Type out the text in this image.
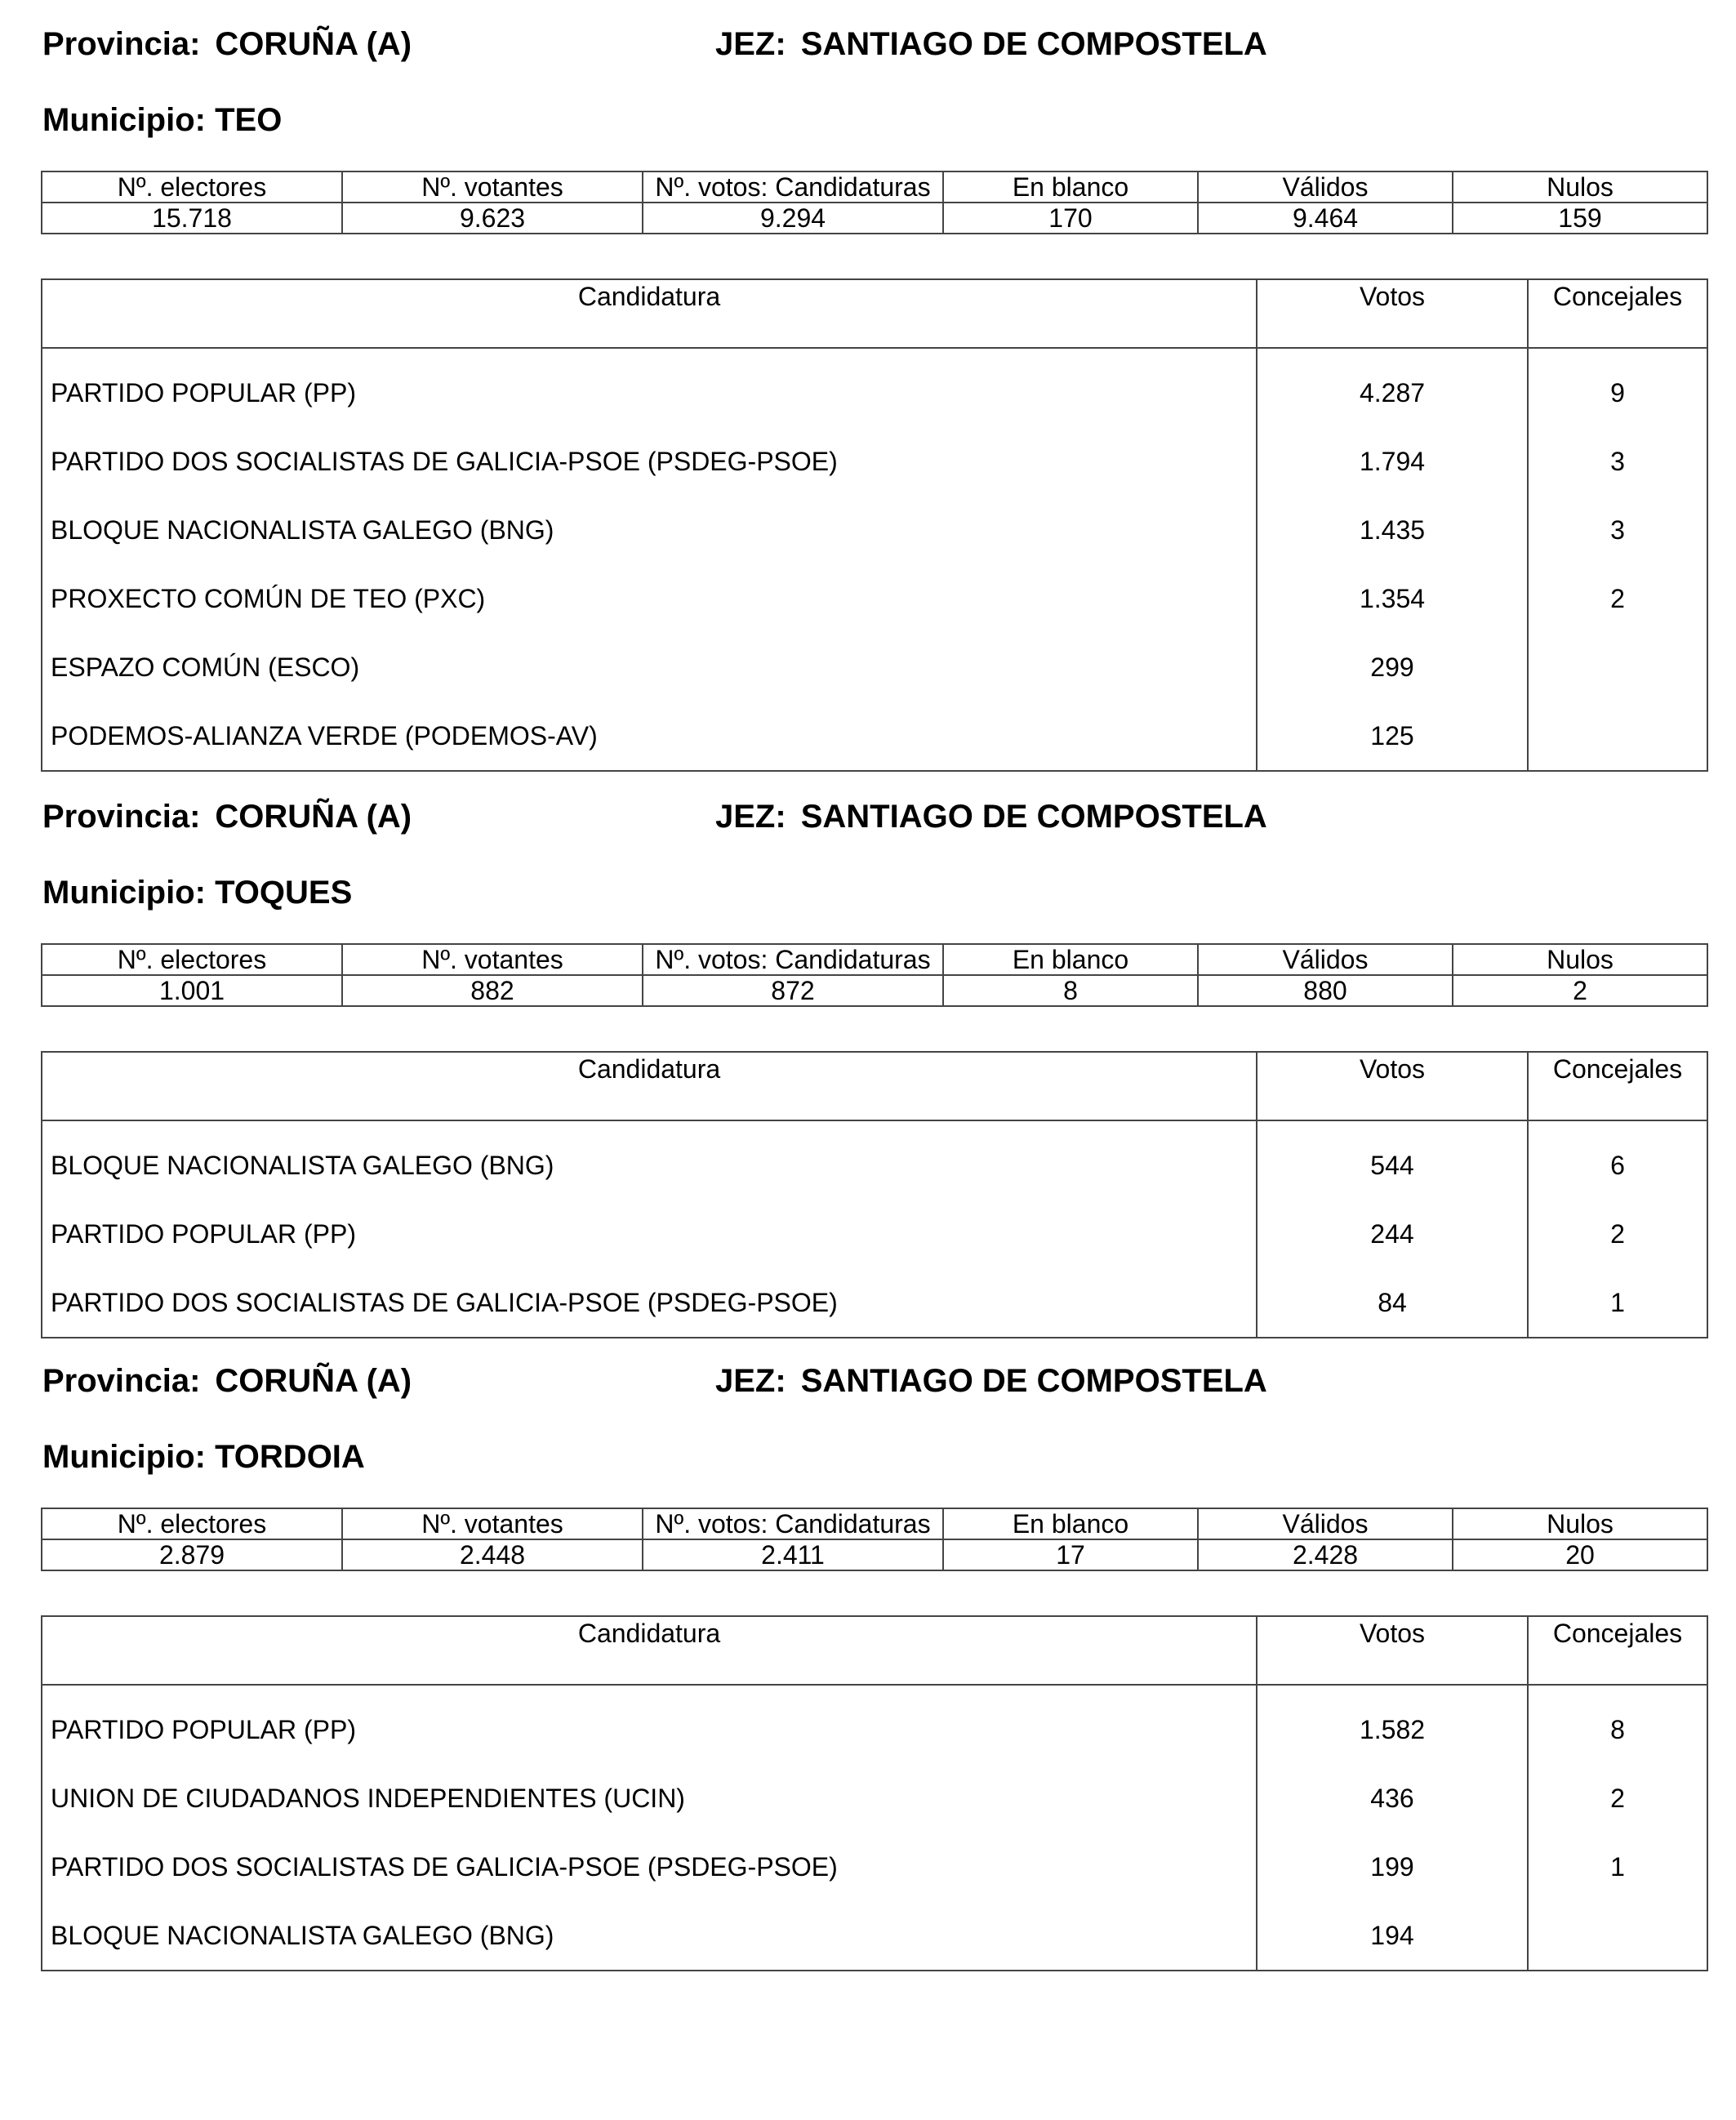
Provincia: CORUÑA (A)	JEZ: SANTIAGO DE COMPOSTELA
Municipio: TEO
Nº. electores	Nº. votantes	Nº. votos: Candidaturas	En blanco	Válidos	Nulos
15.718	9.623	9.294	170	9.464	159
Candidatura	Votos	Concejales

PARTIDO POPULAR (PP)	4.287	9
PARTIDO DOS SOCIALISTAS DE GALICIA-PSOE (PSDEG-PSOE)	1.794	3
BLOQUE NACIONALISTA GALEGO (BNG)	1.435	3
PROXECTO COMÚN DE TEO (PXC)	1.354	2
ESPAZO COMÚN (ESCO)	299	
PODEMOS-ALIANZA VERDE (PODEMOS-AV)	125	
Provincia: CORUÑA (A)	JEZ: SANTIAGO DE COMPOSTELA
Municipio: TOQUES
Nº. electores	Nº. votantes	Nº. votos: Candidaturas	En blanco	Válidos	Nulos
1.001	882	872	8	880	2
Candidatura	Votos	Concejales

BLOQUE NACIONALISTA GALEGO (BNG)	544	6
PARTIDO POPULAR (PP)	244	2
PARTIDO DOS SOCIALISTAS DE GALICIA-PSOE (PSDEG-PSOE)	84	1
Provincia: CORUÑA (A)	JEZ: SANTIAGO DE COMPOSTELA
Municipio: TORDOIA
Nº. electores	Nº. votantes	Nº. votos: Candidaturas	En blanco	Válidos	Nulos
2.879	2.448	2.411	17	2.428	20
Candidatura	Votos	Concejales

PARTIDO POPULAR (PP)	1.582	8
UNION DE CIUDADANOS INDEPENDIENTES (UCIN)	436	2
PARTIDO DOS SOCIALISTAS DE GALICIA-PSOE (PSDEG-PSOE)	199	1
BLOQUE NACIONALISTA GALEGO (BNG)	194	
